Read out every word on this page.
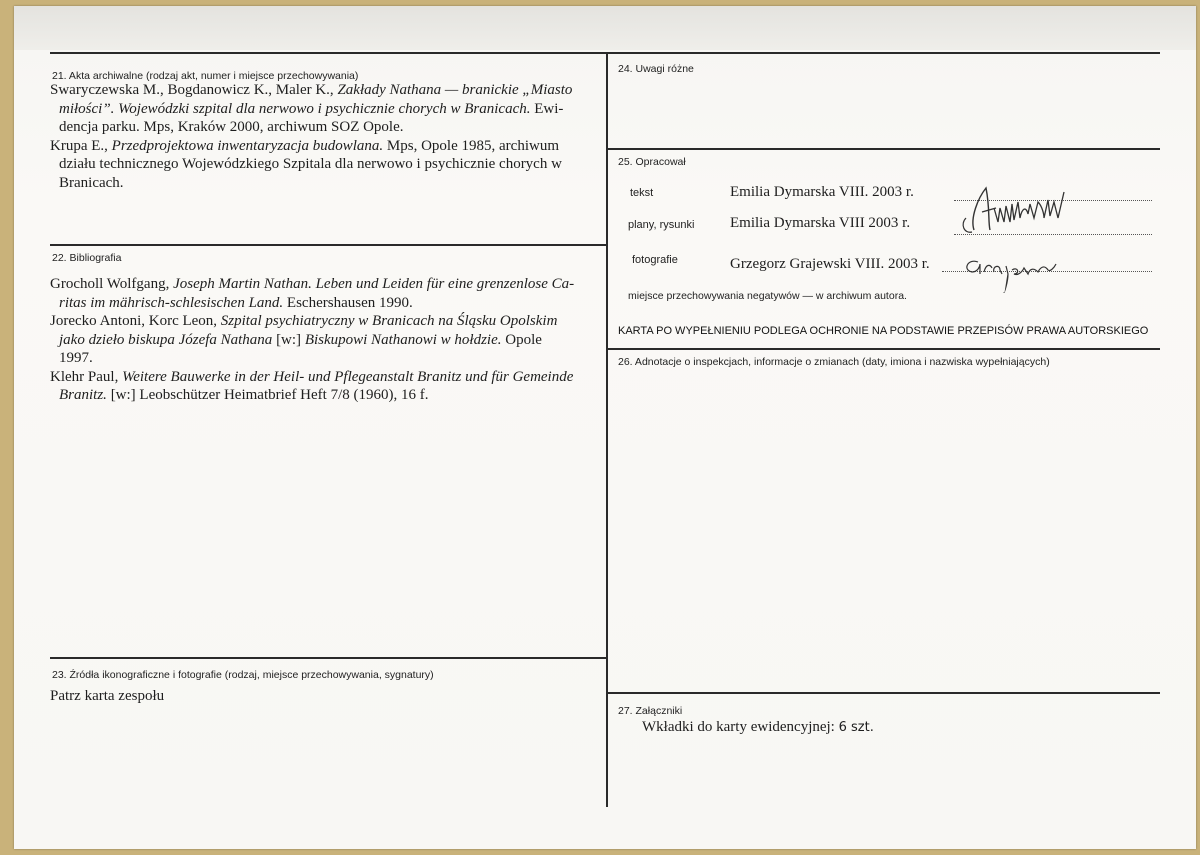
21. Akta archiwalne (rodzaj akt, numer i miejsce przechowywania)
Swaryczewska M., Bogdanowicz K., Maler K., Zakłady Nathana — branickie „Miasto
miłości”. Wojewódzki szpital dla nerwowo i psychicznie chorych w Branicach. Ewi-
dencja parku. Mps, Kraków 2000, archiwum SOZ Opole.
Krupa E., Przedprojektowa inwentaryzacja budowlana. Mps, Opole 1985, archiwum
działu technicznego Wojewódzkiego Szpitala dla nerwowo i psychicznie chorych w
Branicach.
22. Bibliografia
Grocholl Wolfgang, Joseph Martin Nathan. Leben und Leiden für eine grenzenlose Ca-
ritas im mährisch-schlesischen Land. Eschershausen 1990.
Jorecko Antoni, Korc Leon, Szpital psychiatryczny w Branicach na Śląsku Opolskim
jako dzieło biskupa Józefa Nathana [w:] Biskupowi Nathanowi w hołdzie. Opole
1997.
Klehr Paul, Weitere Bauwerke in der Heil- und Pflegeanstalt Branitz und für Gemeinde
Branitz. [w:] Leobschützer Heimatbrief Heft 7/8 (1960), 16 f.
23. Źródła ikonograficzne i fotografie (rodzaj, miejsce przechowywania, sygnatury)
Patrz karta zespołu
24. Uwagi różne
25. Opracował
tekst	Emilia Dymarska VIII. 2003 r.
plany, rysunki Emilia Dymarska VIII 2003 r.
fotografie	Grzegorz Grajewski VIII. 2003 r.
miejsce przechowywania negatywów — w archiwum autora.
KARTA PO WYPEŁNIENIU PODLEGA OCHRONIE NA PODSTAWIE PRZEPISÓW PRAWA AUTORSKIEGO
26. Adnotacje o inspekcjach, informacje o zmianach (daty, imiona i nazwiska wypełniających)
27. Załączniki
Wkładki do karty ewidencyjnej: 6 szt.
